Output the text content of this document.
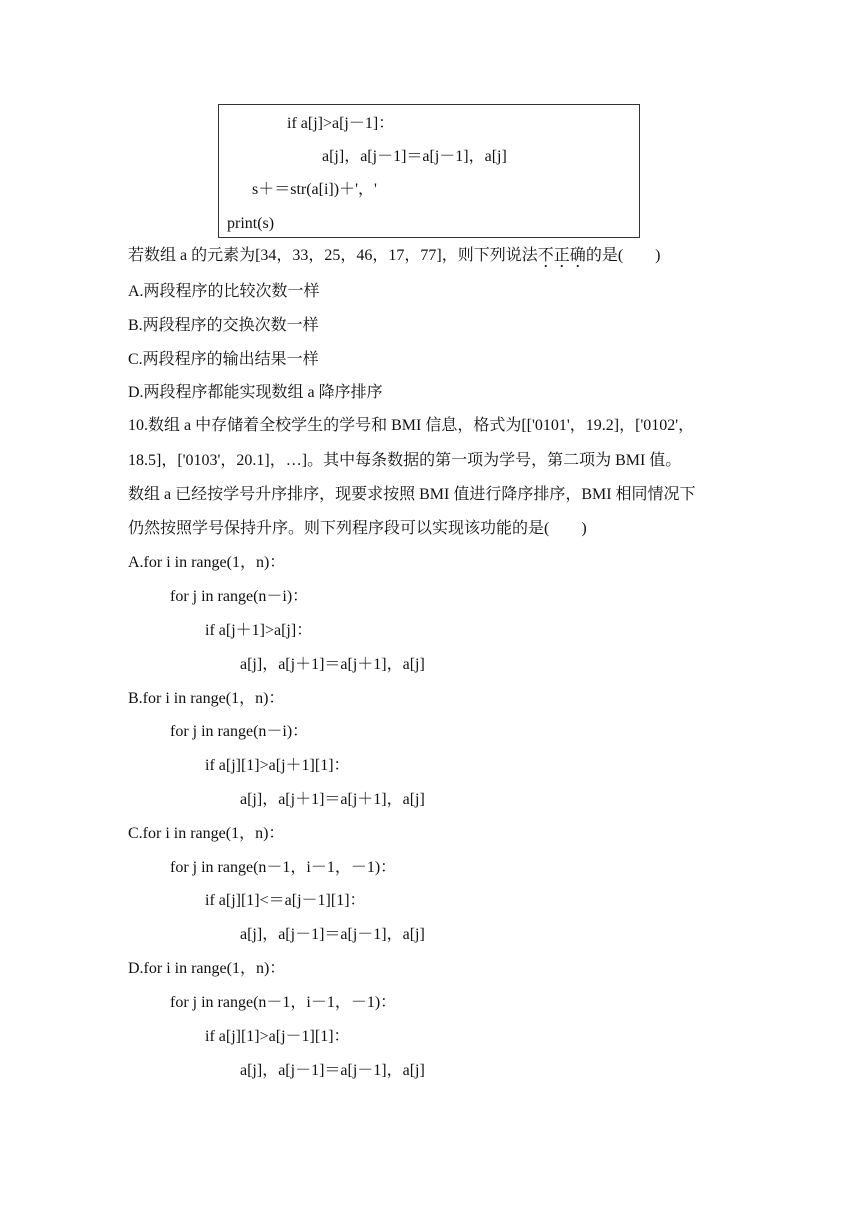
if a[j]>a[j－1]：
a[j]，a[j－1]＝a[j－1]，a[j]
s＋＝str(a[i])＋'，'
print(s)
若数组 a 的元素为[34，33，25，46，17，77]，则下列说法不正确的是(　　)
A.两段程序的比较次数一样
B.两段程序的交换次数一样
C.两段程序的输出结果一样
D.两段程序都能实现数组 a 降序排序
10.数组 a 中存储着全校学生的学号和 BMI 信息，格式为[['0101'，19.2]，['0102'，
18.5]，['0103'，20.1]，…]。其中每条数据的第一项为学号，第二项为 BMI 值。
数组 a 已经按学号升序排序，现要求按照 BMI 值进行降序排序，BMI 相同情况下
仍然按照学号保持升序。则下列程序段可以实现该功能的是(　　)
A.for i in range(1，n)：
for j in range(n－i)：
if a[j＋1]>a[j]：
a[j]，a[j＋1]＝a[j＋1]，a[j]
B.for i in range(1，n)：
for j in range(n－i)：
if a[j][1]>a[j＋1][1]：
a[j]，a[j＋1]＝a[j＋1]，a[j]
C.for i in range(1，n)：
for j in range(n－1，i－1，－1)：
if a[j][1]<＝a[j－1][1]：
a[j]，a[j－1]＝a[j－1]，a[j]
D.for i in range(1，n)：
for j in range(n－1，i－1，－1)：
if a[j][1]>a[j－1][1]：
a[j]，a[j－1]＝a[j－1]，a[j]
